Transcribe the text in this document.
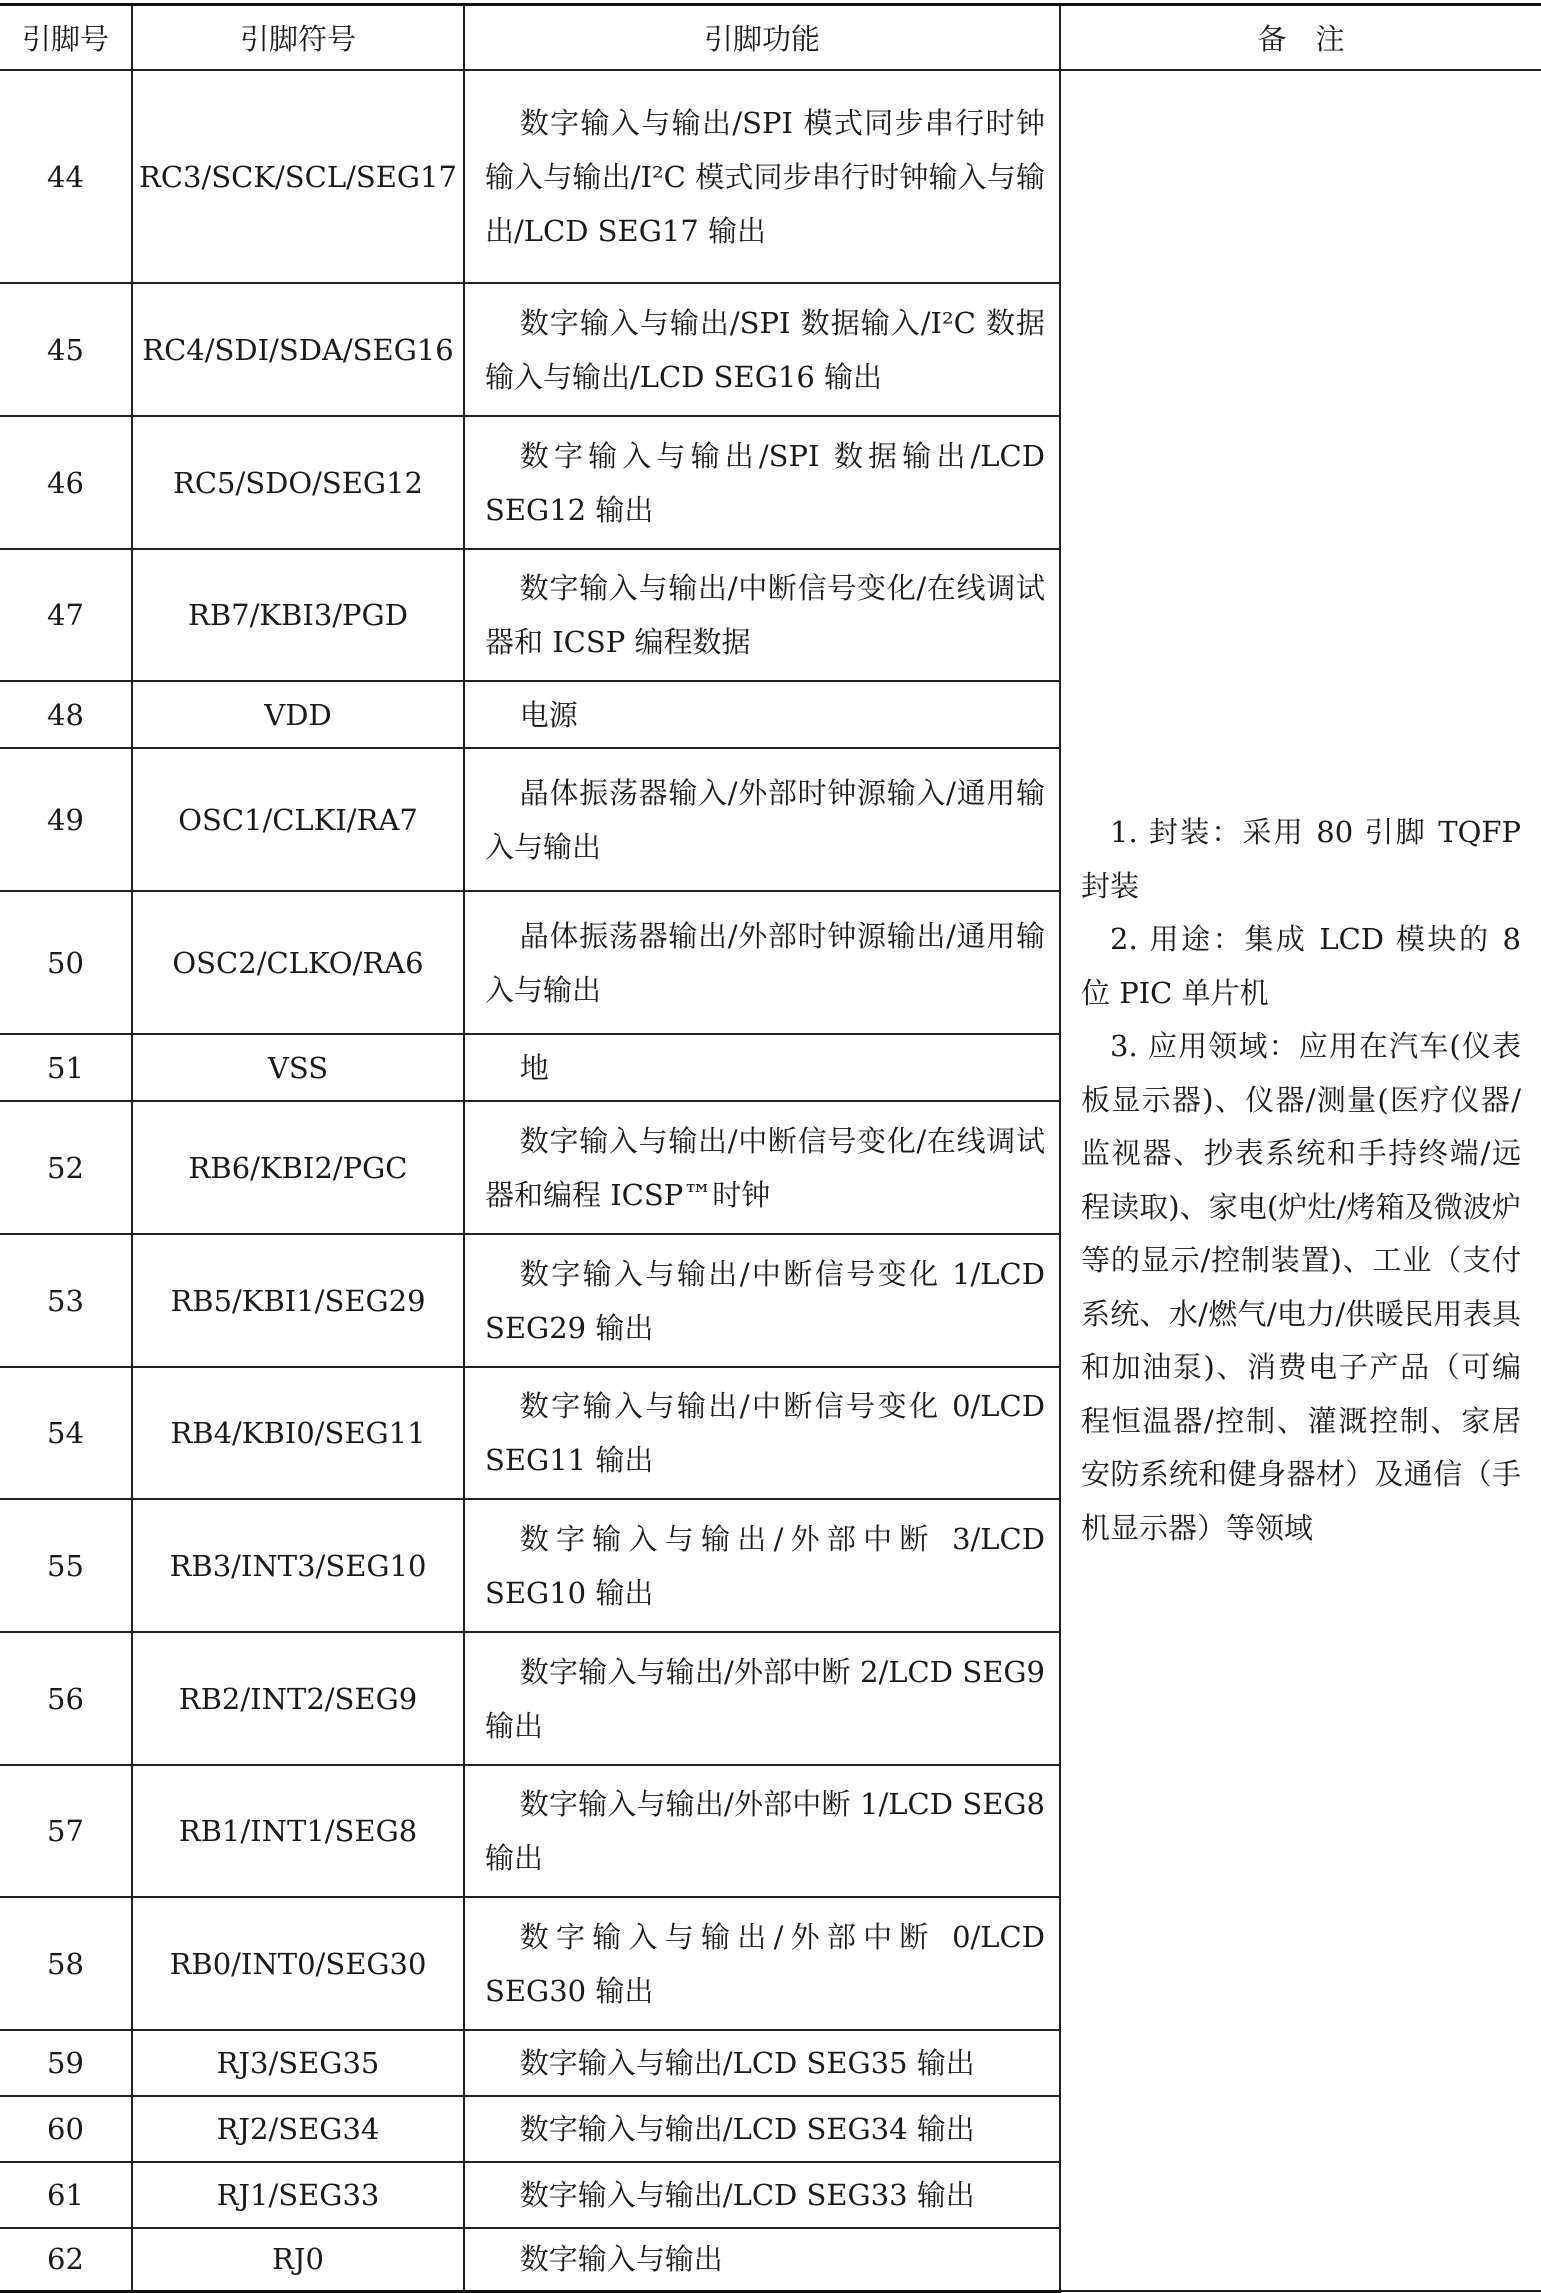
引脚号	引脚符号	引脚功能	备　注
44	RC3/SCK/SCL/SEG17	数字输入与输出/SPI 模式同步串行时钟输入与输出/I²C 模式同步串行时钟输入与输出/LCD SEG17 输出	1. 封装：采用 80 引脚 TQFP 封装

2. 用途：集成 LCD 模块的 8 位 PIC 单片机

3. 应用领域：应用在汽车(仪表板显示器)、仪器/测量(医疗仪器/监视器、抄表系统和手持终端/远程读取)、家电(炉灶/烤箱及微波炉等的显示/控制装置)、工业（支付系统、水/燃气/电力/供暖民用表具和加油泵)、消费电子产品（可编程恒温器/控制、灌溉控制、家居安防系统和健身器材）及通信（手机显示器）等领域

45	RC4/SDI/SDA/SEG16	数字输入与输出/SPI 数据输入/I²C 数据输入与输出/LCD SEG16 输出	

46	RC5/SDO/SEG12	数字输入与输出/SPI 数据输出/LCD SEG12 输出	

47	RB7/KBI3/PGD	数字输入与输出/中断信号变化/在线调试器和 ICSP 编程数据	

48	VDD	电源	

49	OSC1/CLKI/RA7	晶体振荡器输入/外部时钟源输入/通用输入与输出	

50	OSC2/CLKO/RA6	晶体振荡器输出/外部时钟源输出/通用输入与输出	

51	VSS	地	

52	RB6/KBI2/PGC	数字输入与输出/中断信号变化/在线调试器和编程 ICSP™时钟	

53	RB5/KBI1/SEG29	数字输入与输出/中断信号变化 1/LCD SEG29 输出	

54	RB4/KBI0/SEG11	数字输入与输出/中断信号变化 0/LCD SEG11 输出	

55	RB3/INT3/SEG10	数字输入与输出/外部中断 3/LCD SEG10 输出	

56	RB2/INT2/SEG9	数字输入与输出/外部中断 2/LCD SEG9 输出	

57	RB1/INT1/SEG8	数字输入与输出/外部中断 1/LCD SEG8 输出	

58	RB0/INT0/SEG30	数字输入与输出/外部中断 0/LCD SEG30 输出	

59	RJ3/SEG35	数字输入与输出/LCD SEG35 输出	

60	RJ2/SEG34	数字输入与输出/LCD SEG34 输出	

61	RJ1/SEG33	数字输入与输出/LCD SEG33 输出	

62	RJ0	数字输入与输出	
